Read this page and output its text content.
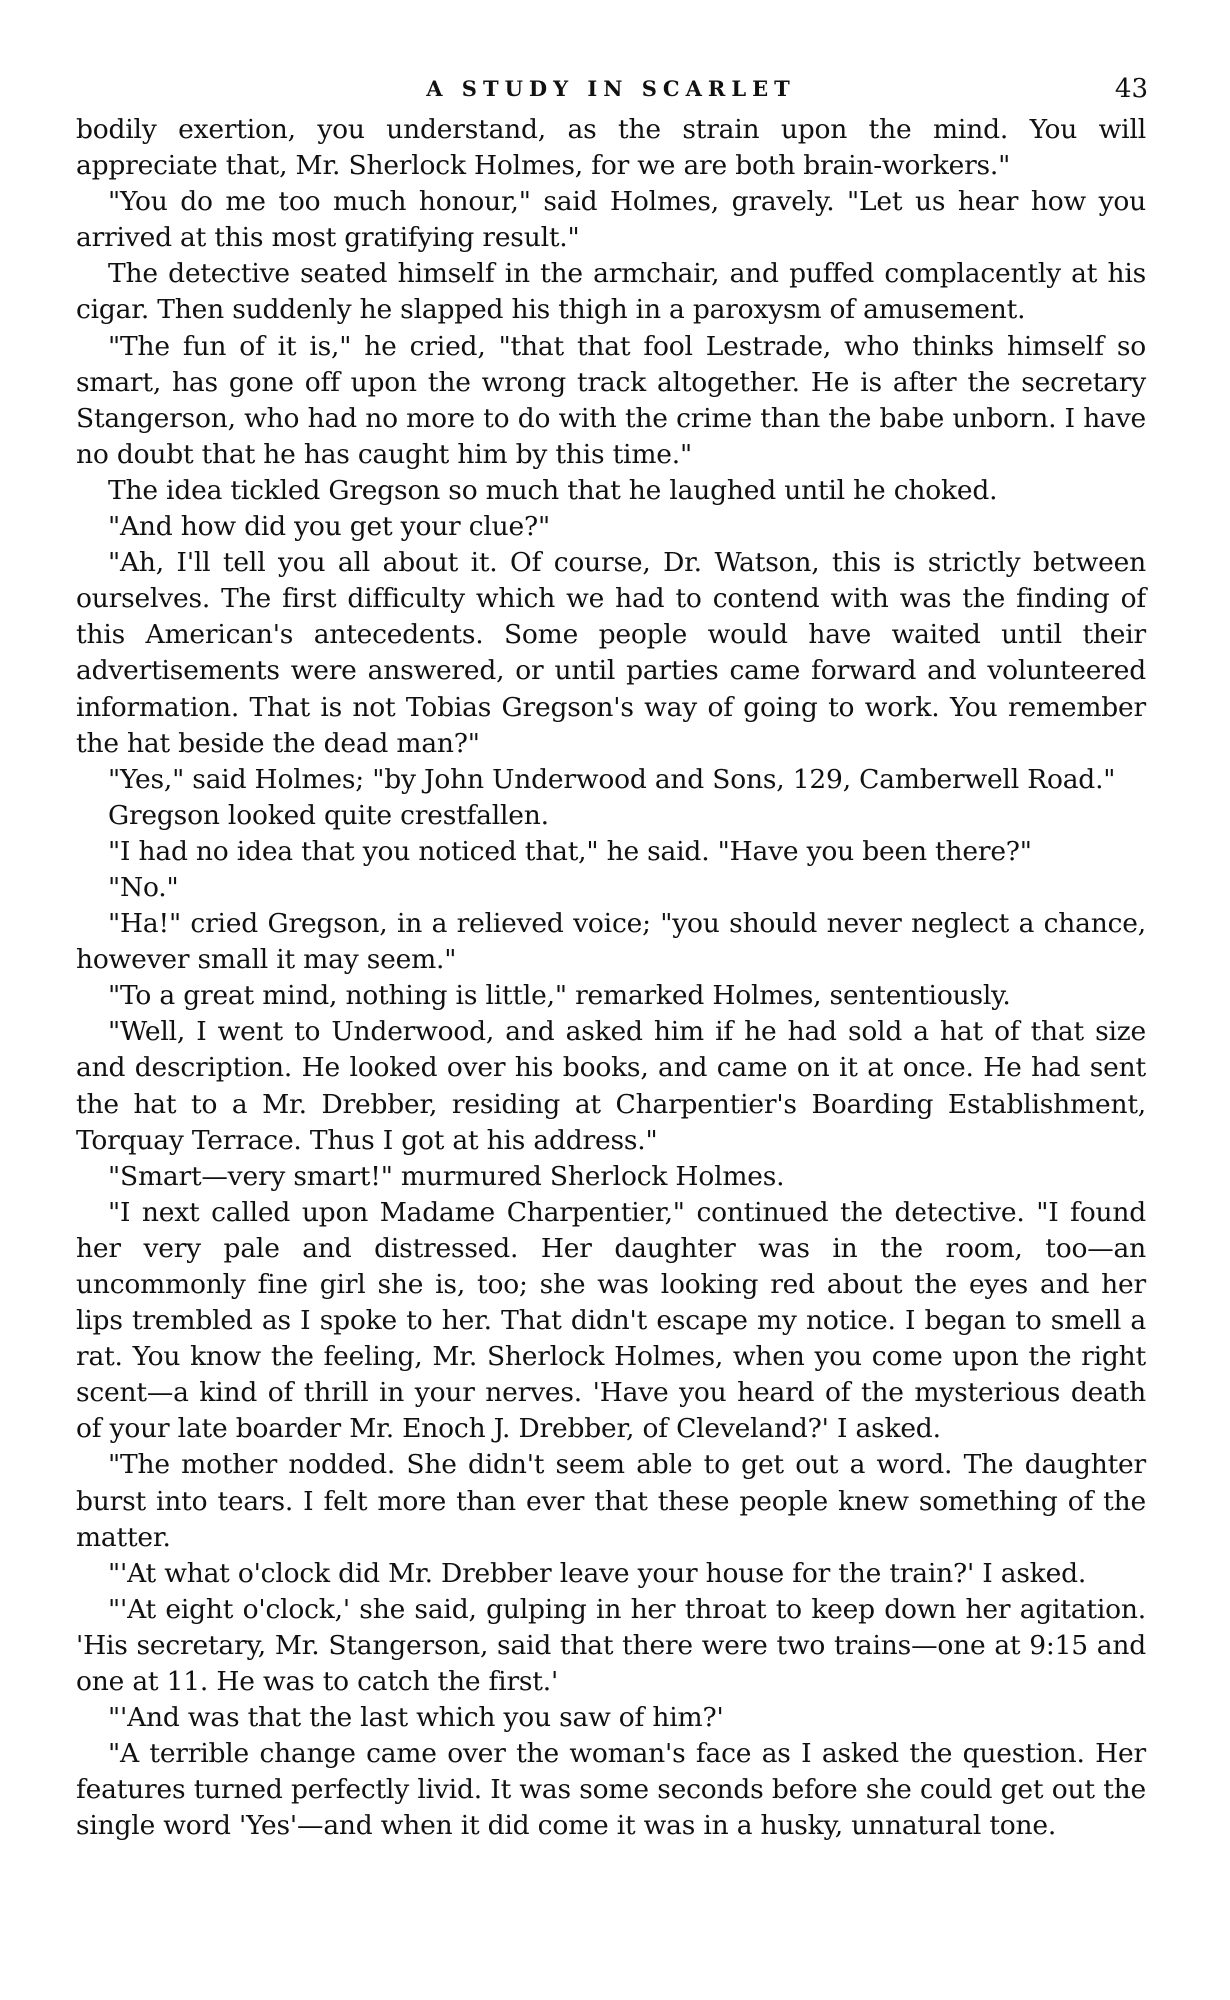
A STUDY IN SCARLET	43

bodily exertion, you understand, as the strain upon the mind. You will appreciate that, Mr. Sherlock Holmes, for we are both brain-workers."

"You do me too much honour," said Holmes, gravely. "Let us hear how you arrived at this most gratifying result."

The detective seated himself in the armchair, and puffed complacently at his cigar. Then suddenly he slapped his thigh in a paroxysm of amusement.

"The fun of it is," he cried, "that that fool Lestrade, who thinks himself so smart, has gone off upon the wrong track altogether. He is after the secretary Stangerson, who had no more to do with the crime than the babe unborn. I have no doubt that he has caught him by this time."

The idea tickled Gregson so much that he laughed until he choked.

"And how did you get your clue?"

"Ah, I'll tell you all about it. Of course, Dr. Watson, this is strictly between ourselves. The first difficulty which we had to contend with was the finding of this American's antecedents. Some people would have waited until their advertisements were answered, or until parties came forward and volunteered information. That is not Tobias Gregson's way of going to work. You remember the hat beside the dead man?"

"Yes," said Holmes; "by John Underwood and Sons, 129, Camberwell Road."

Gregson looked quite crestfallen.

"I had no idea that you noticed that," he said. "Have you been there?"

"No."

"Ha!" cried Gregson, in a relieved voice; "you should never neglect a chance, however small it may seem."

"To a great mind, nothing is little," remarked Holmes, sententiously.

"Well, I went to Underwood, and asked him if he had sold a hat of that size and description. He looked over his books, and came on it at once. He had sent the hat to a Mr. Drebber, residing at Charpentier's Boarding Establishment, Torquay Terrace. Thus I got at his address."

"Smart—very smart!" murmured Sherlock Holmes.

"I next called upon Madame Charpentier," continued the detective. "I found her very pale and distressed. Her daughter was in the room, too—an uncommonly fine girl she is, too; she was looking red about the eyes and her lips trembled as I spoke to her. That didn't escape my notice. I began to smell a rat. You know the feeling, Mr. Sherlock Holmes, when you come upon the right scent—a kind of thrill in your nerves. 'Have you heard of the mysterious death of your late boarder Mr. Enoch J. Drebber, of Cleveland?' I asked.

"The mother nodded. She didn't seem able to get out a word. The daughter burst into tears. I felt more than ever that these people knew something of the matter.

"'At what o'clock did Mr. Drebber leave your house for the train?' I asked.

"'At eight o'clock,' she said, gulping in her throat to keep down her agitation. 'His secretary, Mr. Stangerson, said that there were two trains—one at 9:15 and one at 11. He was to catch the first.'

"'And was that the last which you saw of him?'

"A terrible change came over the woman's face as I asked the question. Her features turned perfectly livid. It was some seconds before she could get out the single word 'Yes'—and when it did come it was in a husky, unnatural tone.
